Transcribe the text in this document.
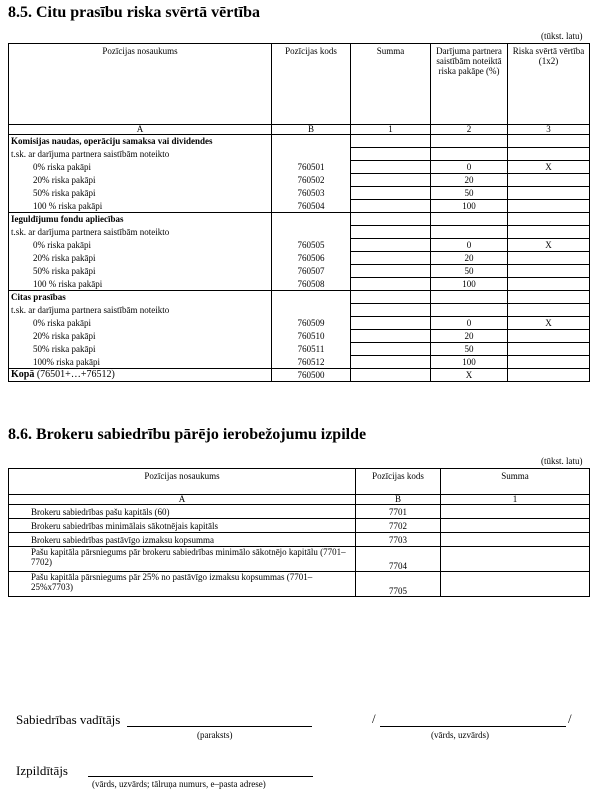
8.5. Citu prasību riska svērtā vērtība
(tūkst. latu)
Pozīcijas nosaukums	Pozīcijas kods	Summa	Darījuma partnera saistībām noteiktā riska pakāpe (%)	Riska svērtā vērtība (1x2)
A	B	1	2	3
Komisijas naudas, operāciju samaksa vai dividendes				
t.sk. ar darījuma partnera saistībām noteikto				
0% riska pakāpi	760501		0	X
20% riska pakāpi	760502		20	
50% riska pakāpi	760503		50	
100 % riska pakāpi	760504		100	
Ieguldījumu fondu apliecības				
t.sk. ar darījuma partnera saistībām noteikto				
0% riska pakāpi	760505		0	X
20% riska pakāpi	760506		20	
50% riska pakāpi	760507		50	
100 % riska pakāpi	760508		100	
Citas prasības				
t.sk. ar darījuma partnera saistībām noteikto				
0% riska pakāpi	760509		0	X
20% riska pakāpi	760510		20	
50% riska pakāpi	760511		50	
100% riska pakāpi	760512		100	
Kopā (76501+…+76512)	760500		X	
8.6. Brokeru sabiedrību pārējo ierobežojumu izpilde
(tūkst. latu)
Pozīcijas nosaukums	Pozīcijas kods	Summa
A	B	1
Brokeru sabiedrības pašu kapitāls (60)	7701	
Brokeru sabiedrības minimālais sākotnējais kapitāls	7702	
Brokeru sabiedrības pastāvīgo izmaksu kopsumma	7703	
Pašu kapitāla pārsniegums pār brokeru sabiedrības minimālo sākotnējo kapitālu (7701–7702)	7704	
Pašu kapitāla pārsniegums pār 25% no pastāvīgo izmaksu kopsummas (7701–25%x7703)	7705	
Sabiedrības vadītājs
(paraksts)
/	/
(vārds, uzvārds)
Izpildītājs
(vārds, uzvārds; tālruņa numurs, e–pasta adrese)
